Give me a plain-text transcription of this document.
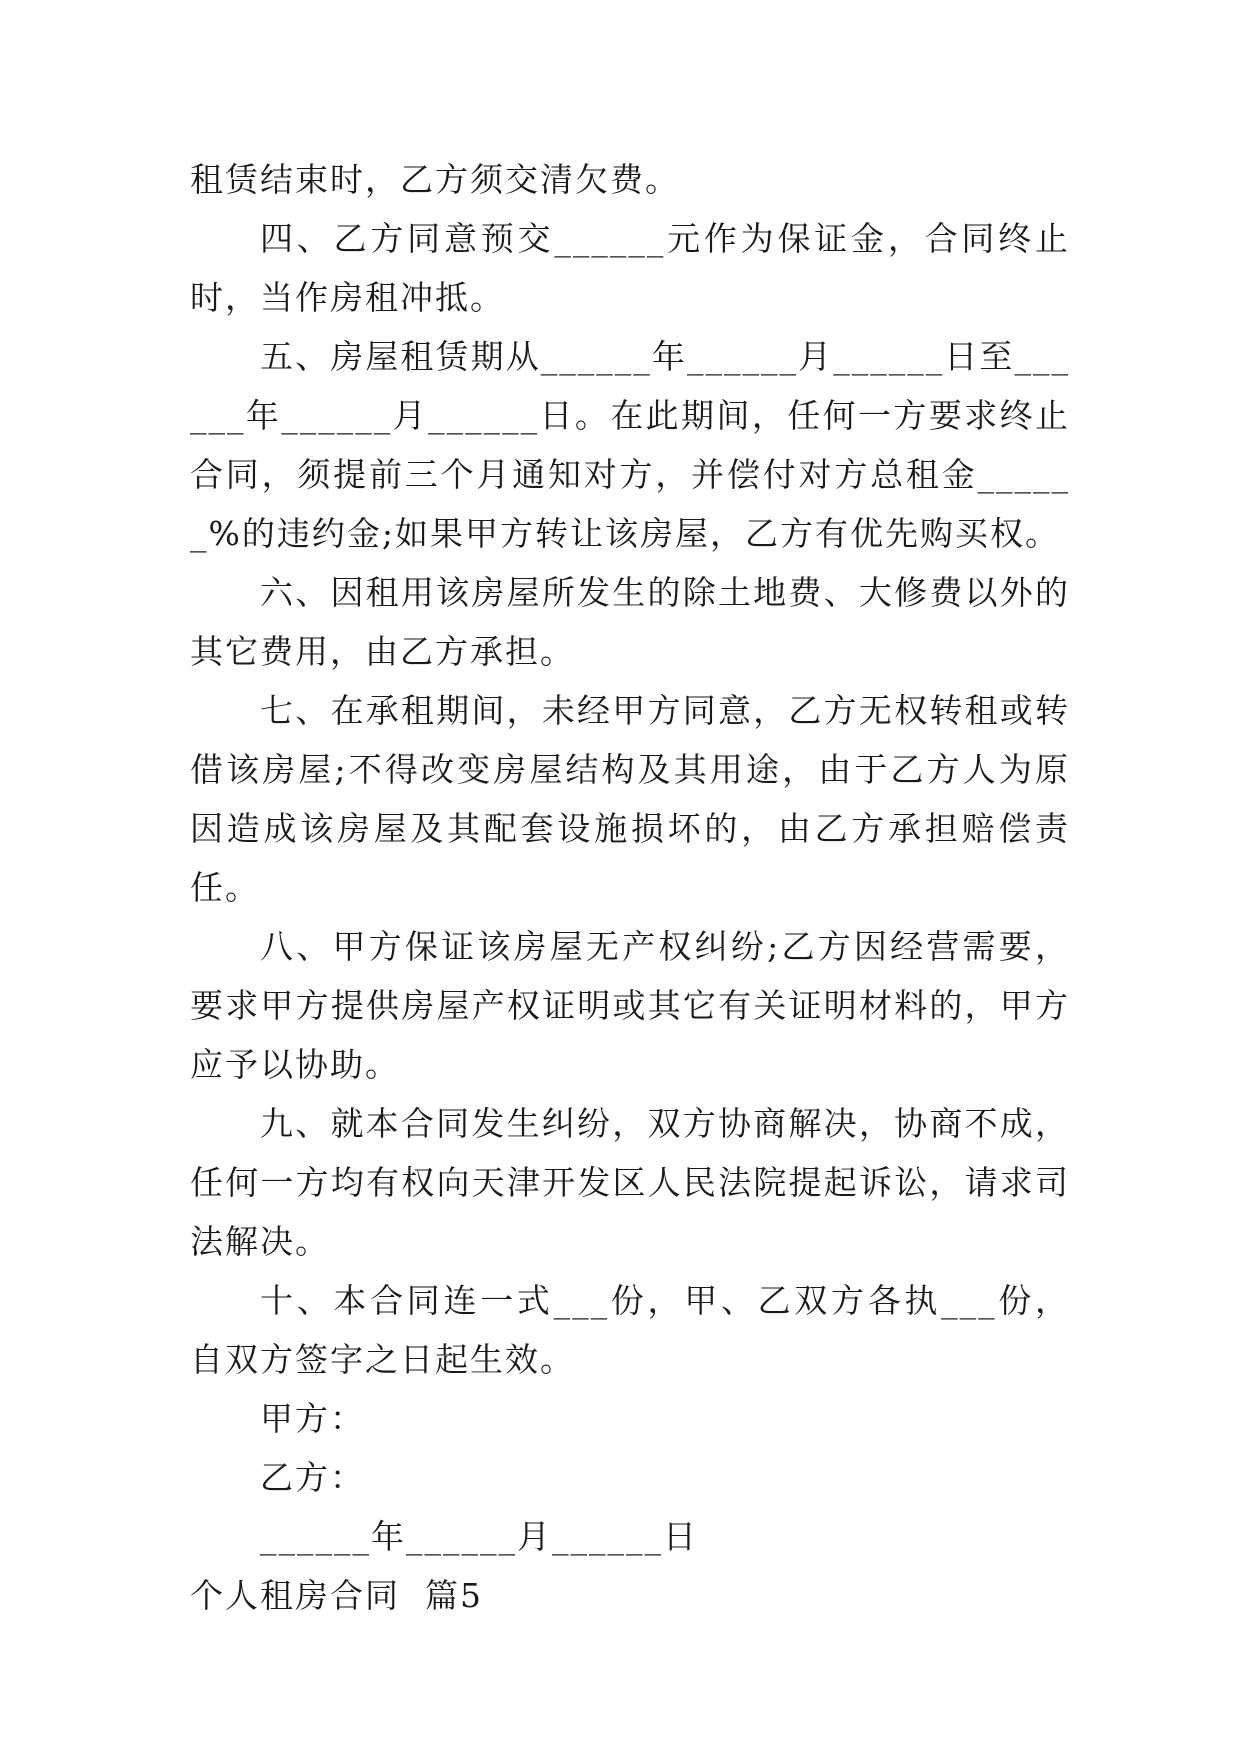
租赁结束时，乙方须交清欠费。

四、乙方同意预交______元作为保证金，合同终止时，当作房租冲抵。

五、房屋租赁期从______年______月______日至______年______月______日。在此期间，任何一方要求终止合同，须提前三个月通知对方，并偿付对方总租金______%的违约金;如果甲方转让该房屋，乙方有优先购买权。

六、因租用该房屋所发生的除土地费、大修费以外的其它费用，由乙方承担。

七、在承租期间，未经甲方同意，乙方无权转租或转借该房屋;不得改变房屋结构及其用途，由于乙方人为原因造成该房屋及其配套设施损坏的，由乙方承担赔偿责任。

八、甲方保证该房屋无产权纠纷;乙方因经营需要，要求甲方提供房屋产权证明或其它有关证明材料的，甲方应予以协助。

九、就本合同发生纠纷，双方协商解决，协商不成，任何一方均有权向天津开发区人民法院提起诉讼，请求司法解决。

十、本合同连一式___份，甲、乙双方各执___份，自双方签字之日起生效。

甲方：

乙方：

______年______月______日

个人租房合同  篇5
